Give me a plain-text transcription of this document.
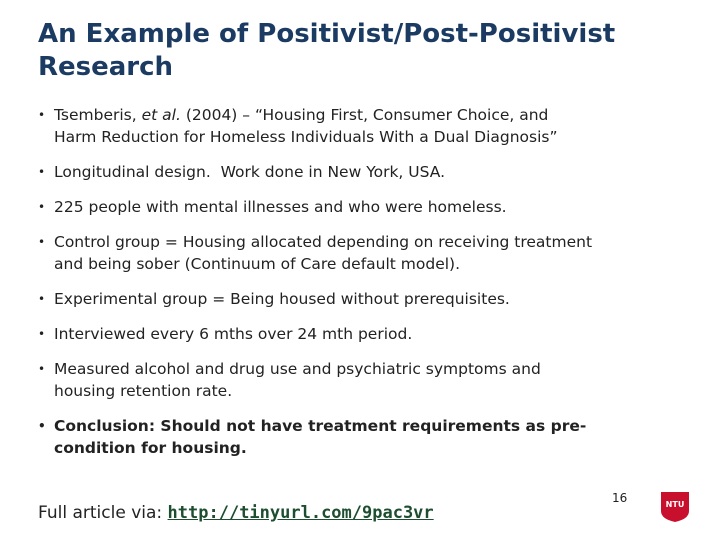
An Example of Positivist/Post-Positivist
Research
• Tsemberis, et al. (2004) – “Housing First, Consumer Choice, and
Harm Reduction for Homeless Individuals With a Dual Diagnosis”
• Longitudinal design.  Work done in New York, USA.
• 225 people with mental illnesses and who were homeless.
• Control group = Housing allocated depending on receiving treatment
and being sober (Continuum of Care default model).
• Experimental group = Being housed without prerequisites.
• Interviewed every 6 mths over 24 mth period.
• Measured alcohol and drug use and psychiatric symptoms and
housing retention rate.
• Conclusion: Should not have treatment requirements as pre-
condition for housing.
Full article via: http://tinyurl.com/9pac3vr
16	NTU
